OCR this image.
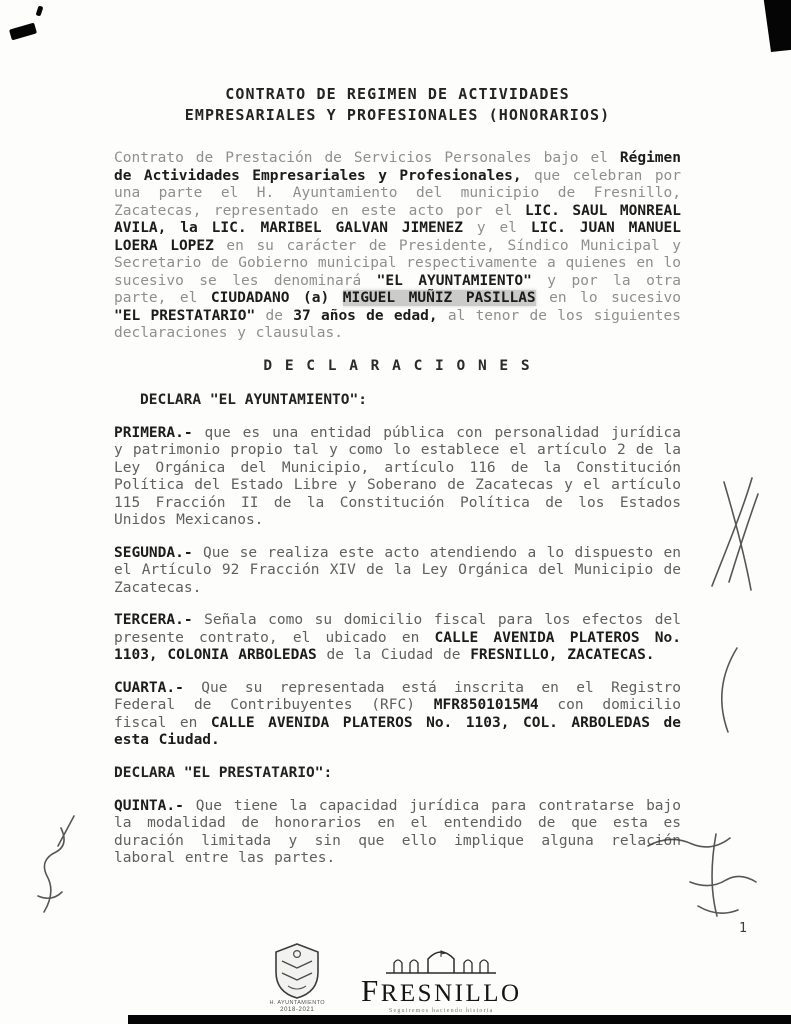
CONTRATO DE REGIMEN DE ACTIVIDADES
EMPRESARIALES Y PROFESIONALES (HONORARIOS)

Contrato de Prestación de Servicios Personales bajo el Régimen de Actividades Empresariales y Profesionales, que celebran por una parte el H. Ayuntamiento del municipio de Fresnillo, Zacatecas, representado en este acto por el LIC. SAUL MONREAL AVILA, la LIC. MARIBEL GALVAN JIMENEZ y el LIC. JUAN MANUEL LOERA LOPEZ en su carácter de Presidente, Síndico Municipal y Secretario de Gobierno municipal respectivamente a quienes en lo sucesivo se les denominará "EL AYUNTAMIENTO" y por la otra parte, el CIUDADANO (a) MIGUEL MUÑIZ PASILLAS en lo sucesivo "EL PRESTATARIO" de 37 años de edad, al tenor de los siguientes declaraciones y clausulas.

D E C L A R A C I O N E S

DECLARA "EL AYUNTAMIENTO":

PRIMERA.- que es una entidad pública con personalidad jurídica y patrimonio propio tal y como lo establece el artículo 2 de la Ley Orgánica del Municipio, artículo 116 de la Constitución Política del Estado Libre y Soberano de Zacatecas y el artículo 115 Fracción II de la Constitución Política de los Estados Unidos Mexicanos.

SEGUNDA.- Que se realiza este acto atendiendo a lo dispuesto en el Artículo 92 Fracción XIV de la Ley Orgánica del Municipio de Zacatecas.

TERCERA.- Señala como su domicilio fiscal para los efectos del presente contrato, el ubicado en CALLE AVENIDA PLATEROS No. 1103, COLONIA ARBOLEDAS de la Ciudad de FRESNILLO, ZACATECAS.

CUARTA.- Que su representada está inscrita en el Registro Federal de Contribuyentes (RFC) MFR8501015M4 con domicilio fiscal en CALLE AVENIDA PLATEROS No. 1103, COL. ARBOLEDAS de esta Ciudad.

DECLARA "EL PRESTATARIO":

QUINTA.- Que tiene la capacidad jurídica para contratarse bajo la modalidad de honorarios en el entendido de que esta es duración limitada y sin que ello implique alguna relación laboral entre las partes.

1
H. AYUNTAMIENTO
2018-2021
FRESNILLO
Seguiremos haciendo historia
